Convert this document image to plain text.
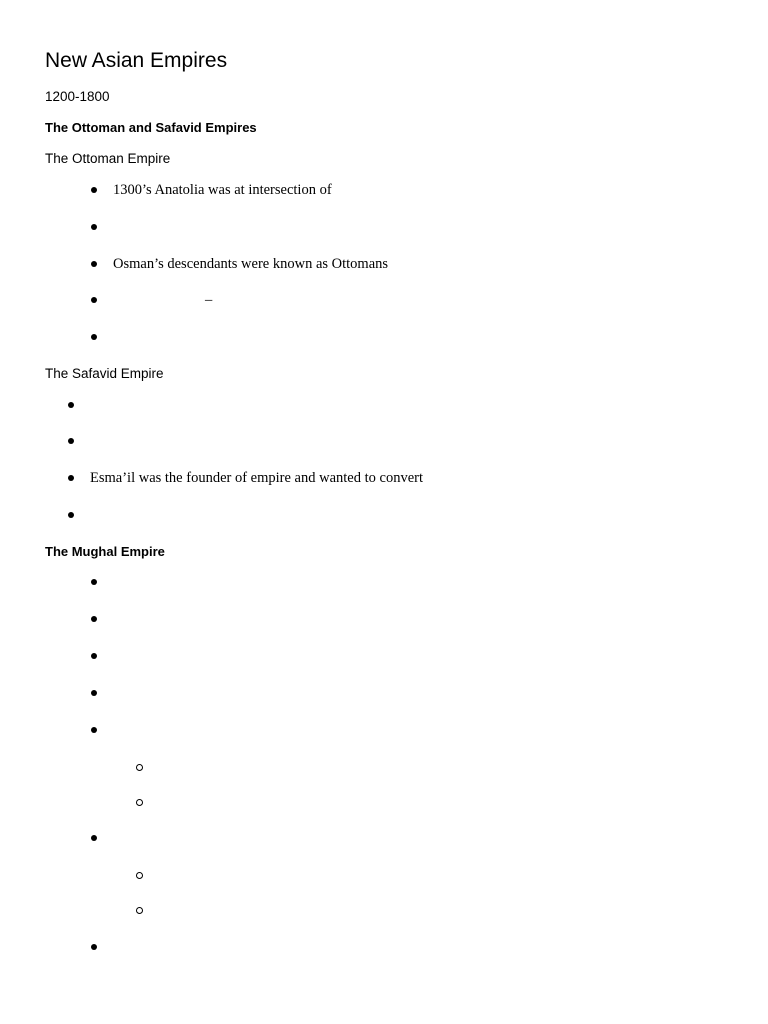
New Asian Empires
1200-1800
The Ottoman and Safavid Empires
The Ottoman Empire
1300’s Anatolia was at intersection of
Osman’s descendants were known as Ottomans
–
The Safavid Empire
Esma’il was the founder of empire and wanted to convert
The Mughal Empire
